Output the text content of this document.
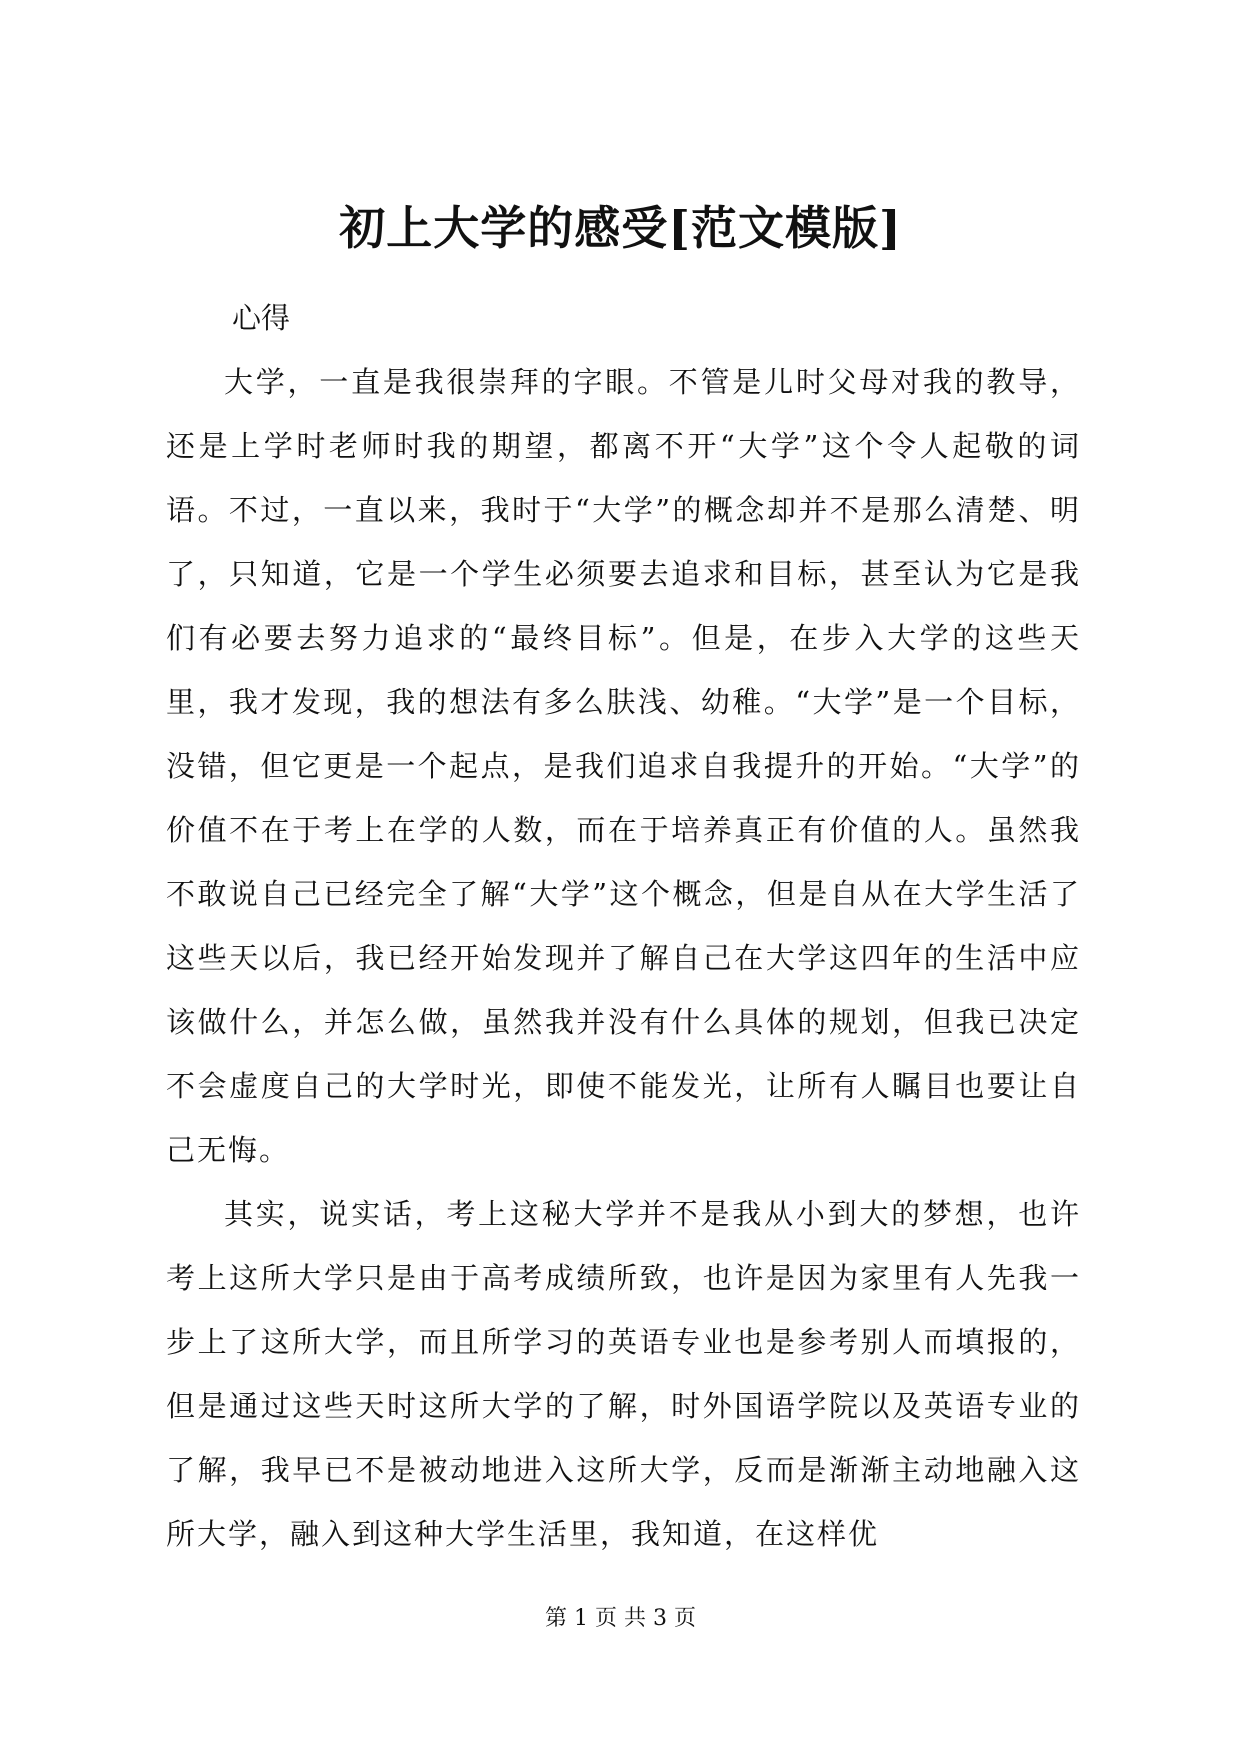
初上大学的感受[范文模版]

心得

大学，一直是我很崇拜的字眼。不管是儿时父母对我的教导，还是上学时老师时我的期望，都离不开“大学”这个令人起敬的词语。不过，一直以来，我时于“大学”的概念却并不是那么清楚、明了，只知道，它是一个学生必须要去追求和目标，甚至认为它是我们有必要去努力追求的“最终目标”。但是，在步入大学的这些天里，我才发现，我的想法有多么肤浅、幼稚。“大学”是一个目标，没错，但它更是一个起点，是我们追求自我提升的开始。“大学”的价值不在于考上在学的人数，而在于培养真正有价值的人。虽然我不敢说自己已经完全了解“大学”这个概念，但是自从在大学生活了这些天以后，我已经开始发现并了解自己在大学这四年的生活中应该做什么，并怎么做，虽然我并没有什么具体的规划，但我已决定不会虚度自己的大学时光，即使不能发光，让所有人瞩目也要让自己无悔。

其实，说实话，考上这秘大学并不是我从小到大的梦想，也许考上这所大学只是由于高考成绩所致，也许是因为家里有人先我一步上了这所大学，而且所学习的英语专业也是参考别人而填报的，但是通过这些天时这所大学的了解，时外国语学院以及英语专业的了解，我早已不是被动地进入这所大学，反而是渐渐主动地融入这所大学，融入到这种大学生活里，我知道，在这样优

第 1 页 共 3 页
